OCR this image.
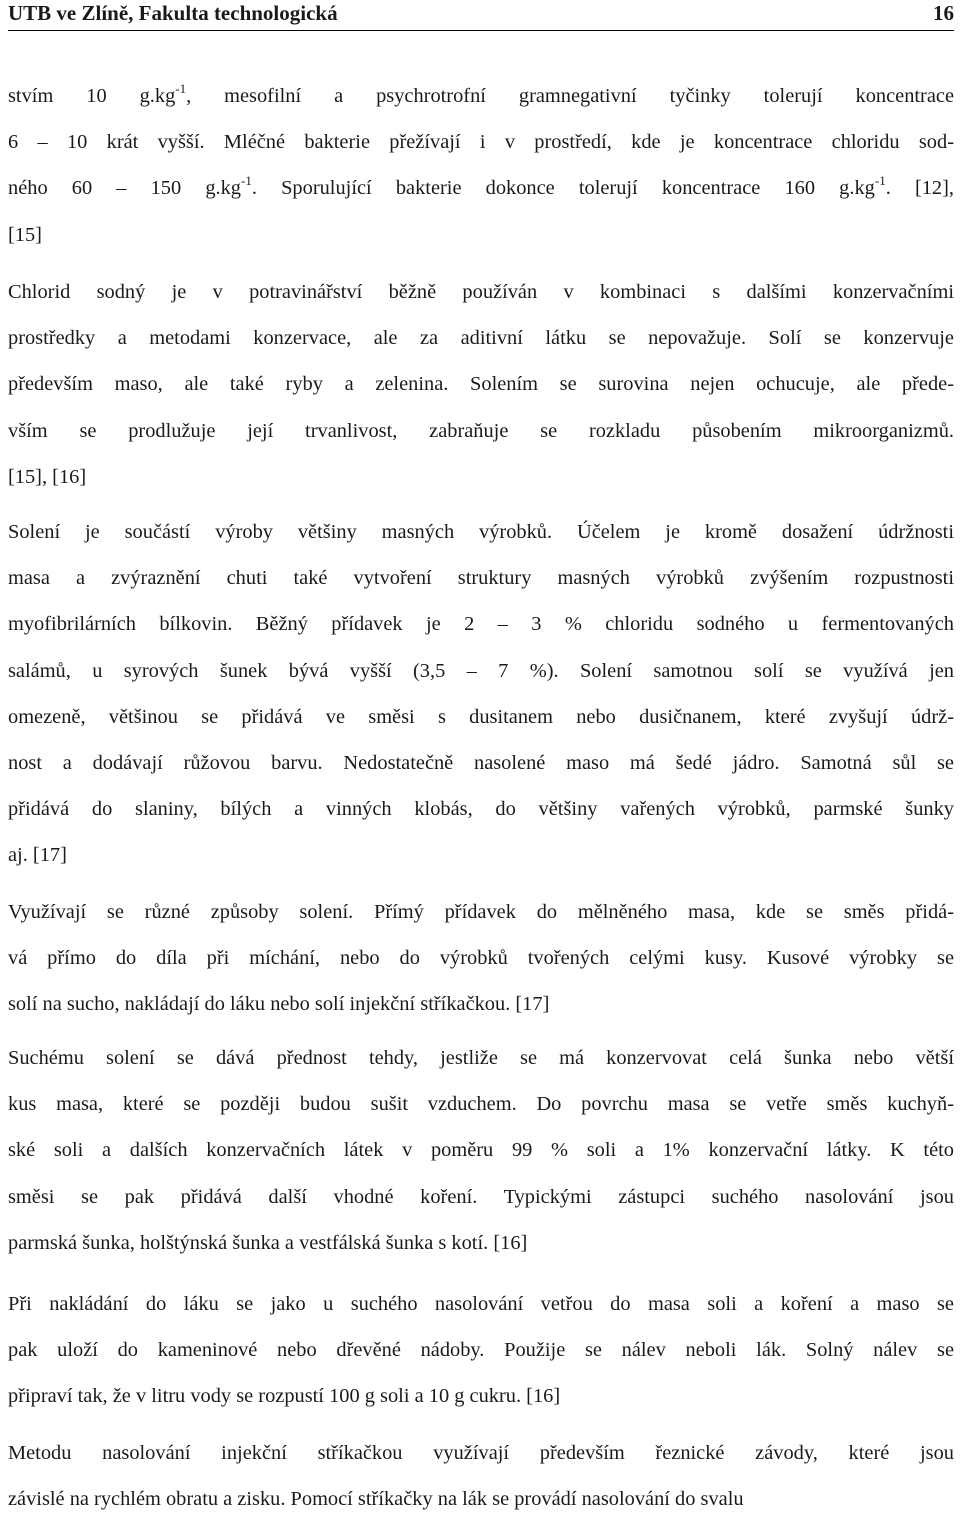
UTB ve Zlíně, Fakulta technologická	16
stvím 10 $g.kg^{-1}$, mesofilní a psychrotrofní gramnegativní tyčinky tolerují koncentrace
6 – 10 krát vyšší. Mléčné bakterie přežívají i v prostředí, kde je koncentrace chloridu sod-
ného 60 – 150 $g.kg^{-1}$. Sporulující bakterie dokonce tolerují koncentrace 160 $g.kg^{-1}$. [12],
[15]
Chlorid sodný je v potravinářství běžně používán v kombinaci s dalšími konzervačními
prostředky a metodami konzervace, ale za aditivní látku se nepovažuje. Solí se konzervuje
především maso, ale také ryby a zelenina. Solením se surovina nejen ochucuje, ale přede-
vším se prodlužuje její trvanlivost, zabraňuje se rozkladu působením mikroorganizmů.
[15], [16]
Solení je součástí výroby většiny masných výrobků. Účelem je kromě dosažení údržnosti
masa a zvýraznění chuti také vytvoření struktury masných výrobků zvýšením rozpustnosti
myofibrilárních bílkovin. Běžný přídavek je 2 – 3 % chloridu sodného u fermentovaných
salámů, u syrových šunek bývá vyšší (3,5 – 7 %). Solení samotnou solí se využívá jen
omezeně, většinou se přidává ve směsi s dusitanem nebo dusičnanem, které zvyšují údrž-
nost a dodávají růžovou barvu. Nedostatečně nasolené maso má šedé jádro. Samotná sůl se
přidává do slaniny, bílých a vinných klobás, do většiny vařených výrobků, parmské šunky
aj. [17]
Využívají se různé způsoby solení. Přímý přídavek do mělněného masa, kde se směs přidá-
vá přímo do díla při míchání, nebo do výrobků tvořených celými kusy. Kusové výrobky se
solí na sucho, nakládají do láku nebo solí injekční stříkačkou. [17]
Suchému solení se dává přednost tehdy, jestliže se má konzervovat celá šunka nebo větší
kus masa, které se později budou sušit vzduchem. Do povrchu masa se vetře směs kuchyň-
ské soli a dalších konzervačních látek v poměru 99 % soli a 1% konzervační látky. K této
směsi se pak přidává další vhodné koření. Typickými zástupci suchého nasolování jsou
parmská šunka, holštýnská šunka a vestfálská šunka s kotí. [16]
Při nakládání do láku se jako u suchého nasolování vetřou do masa soli a koření a maso se
pak uloží do kameninové nebo dřevěné nádoby. Použije se nálev neboli lák. Solný nálev se
připraví tak, že v litru vody se rozpustí 100 g soli a 10 g cukru. [16]
Metodu nasolování injekční stříkačkou využívají především řeznické závody, které jsou
závislé na rychlém obratu a zisku. Pomocí stříkačky na lák se provádí nasolování do svalu
